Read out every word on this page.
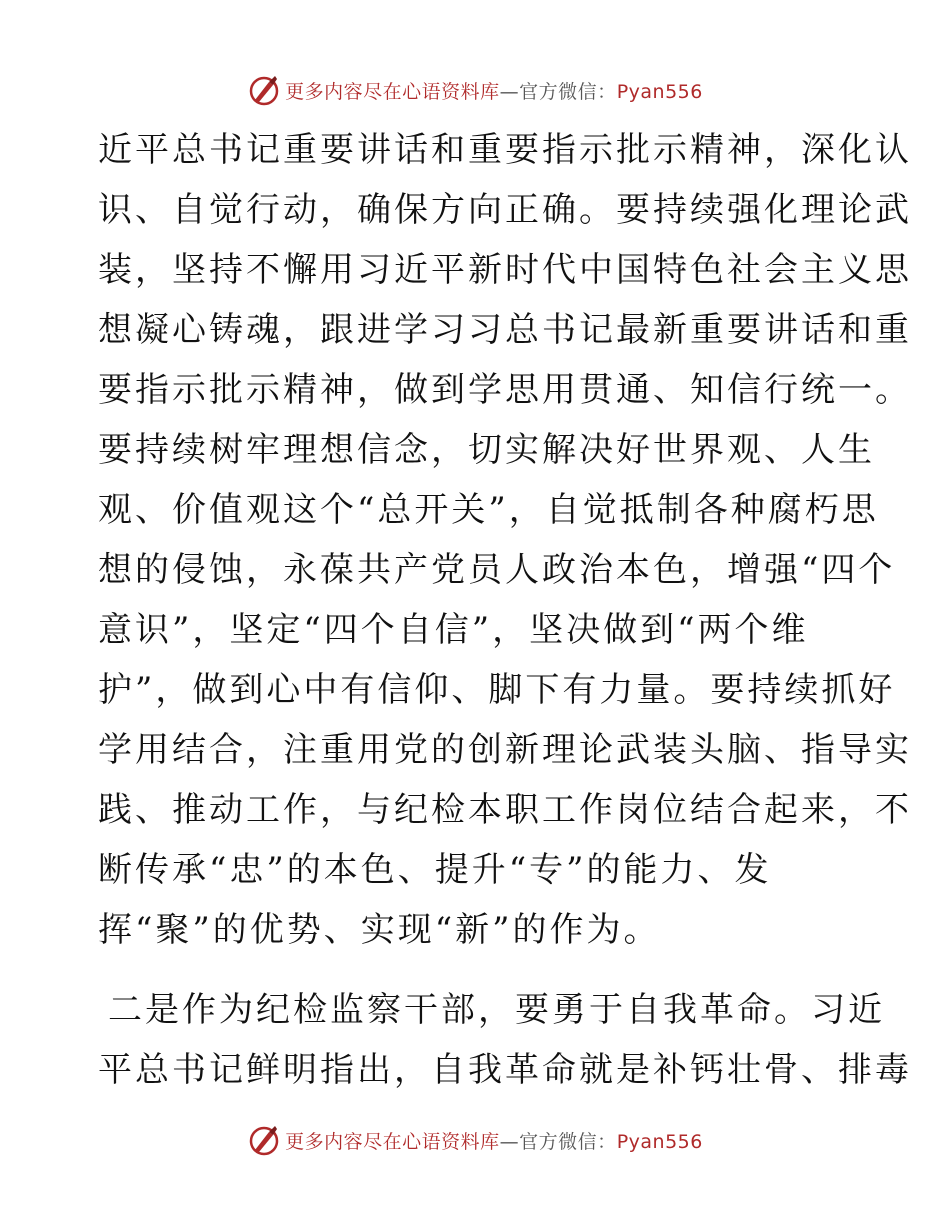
更多内容尽在心语资料库—官方微信：Pyan556
近平总书记重要讲话和重要指示批示精神，深化认
识、自觉行动，确保方向正确。要持续强化理论武
装，坚持不懈用习近平新时代中国特色社会主义思
想凝心铸魂，跟进学习习总书记最新重要讲话和重
要指示批示精神，做到学思用贯通、知信行统一。
要持续树牢理想信念，切实解决好世界观、人生
观、价值观这个“总开关”，自觉抵制各种腐朽思
想的侵蚀，永葆共产党员人政治本色，增强“四个
意识”，坚定“四个自信”，坚决做到“两个维
护”，做到心中有信仰、脚下有力量。要持续抓好
学用结合，注重用党的创新理论武装头脑、指导实
践、推动工作，与纪检本职工作岗位结合起来，不
断传承“忠”的本色、提升“专”的能力、发
挥“聚”的优势、实现“新”的作为。
二是作为纪检监察干部，要勇于自我革命。习近
平总书记鲜明指出，自我革命就是补钙壮骨、排毒
更多内容尽在心语资料库—官方微信：Pyan556
